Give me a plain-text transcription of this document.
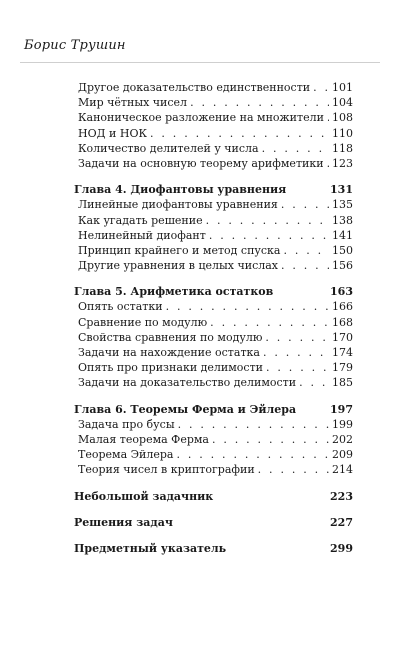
Борис Трушин
Другое доказательство единственности . . . 101
Мир чётных чисел . . .	104
Каноническое разложение на множители . . . 108
НОД и НОК . . .	110
Количество делителей у числа . . .	118
Задачи на основную теорему арифметики . . . 123
Глава 4. Диофантовы уравнения	131
Линейные диофантовы уравнения . . .	135
Как угадать решение . . .	138
Нелинейный диофант . . .	141
Принцип крайнего и метод спуска . . .	150
Другие уравнения в целых числах . . .	156
Глава 5. Арифметика остатков	163
Опять остатки . . .	166
Сравнение по модулю . . .	168
Свойства сравнения по модулю . . .	170
Задачи на нахождение остатка . . .	174
Опять про признаки делимости . . .	179
Задачи на доказательство делимости . . .	185
Глава 6. Теоремы Ферма и Эйлера	197
Задача про бусы . . .	199
Малая теорема Ферма . . .	202
Теорема Эйлера . . .	209
Теория чисел в криптографии . . .	214
Небольшой задачник	223
Решения задач	227
Предметный указатель	299
